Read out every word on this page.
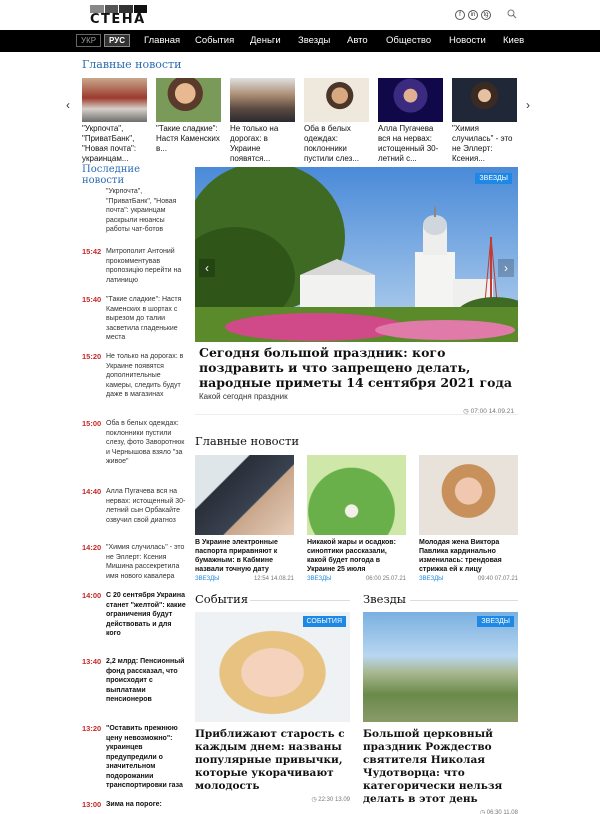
СТЕНА	f	in	tg
УКР	РУС	Главная События Деньги Звезды Авто Общество Новости Киев
Главные новости
‹	›
"Укрпочта", "ПриватБанк", "Новая почта": украинцам...
"Такие сладкие": Настя Каменских в...
Не только на дорогах: в Украине появятся...
Оба в белых одеждах: поклонники пустили слез...
Алла Пугачева вся на нервах: истощенный 30-летний с...
"Химия случилась" - это не Эллерт: Ксения...
Последние новости
"Укрпочта", "ПриватБанк", "Новая почта": украинцам раскрыли нюансы работы чат-ботов
15:42 Митрополит Антоний прокомментував пропозицію перейти на латиницю
15:40 "Такие сладкие": Настя Каменских в шортах с вырезом до талии засветила гладенькие места
15:20 Не только на дорогах: в Украине появятся дополнительные камеры, следить будут даже в магазинах
15:00 Оба в белых одеждах: поклонники пустили слезу, фото Заворотнюк и Чернышова взяло "за живое"
14:40 Алла Пугачева вся на нервах: истощенный 30-летний сын Орбакайте озвучил свой диагноз
14:20 "Химия случилась" - это не Эллерт: Ксения Мишина рассекретила имя нового кавалера
14:00 С 20 сентября Украина станет "желтой": какие ограничения будут действовать и для кого
13:40 2,2 млрд: Пенсионный фонд рассказал, что происходит с выплатами пенсионеров
13:20 "Оставить прежнюю цену невозможно": украинцев предупредили о значительном подорожании транспортировки газа
13:00 Зима на пороге:
ЗВЕЗДЫ
‹	›
Сегодня большой праздник: кого поздравить и что запрещено делать, народные приметы 14 сентября 2021 года
Какой сегодня праздник
◷ 07:00 14.09.21
Главные новости
В Украине электронные паспорта приравняют к бумажным: в Кабмине назвали точную дату
ЗВЕЗДЫ	12:54 14.08.21
Никакой жары и осадков: синоптики рассказали, какой будет погода в Украине 25 июля
ЗВЕЗДЫ	06:00 25.07.21
Молодая жена Виктора Павлика кардинально изменилась: трендовая стрижка ей к лицу
ЗВЕЗДЫ	09:40 07.07.21
События
СОБЫТИЯ
Приближают старость с каждым днем: названы популярные привычки, которые укорачивают молодость
◷ 22:30 13.09
Звезды
ЗВЕЗДЫ
Большой церковный праздник Рождество святителя Николая Чудотворца: что категорически нельзя делать в этот день
◷ 06:30 11.08
